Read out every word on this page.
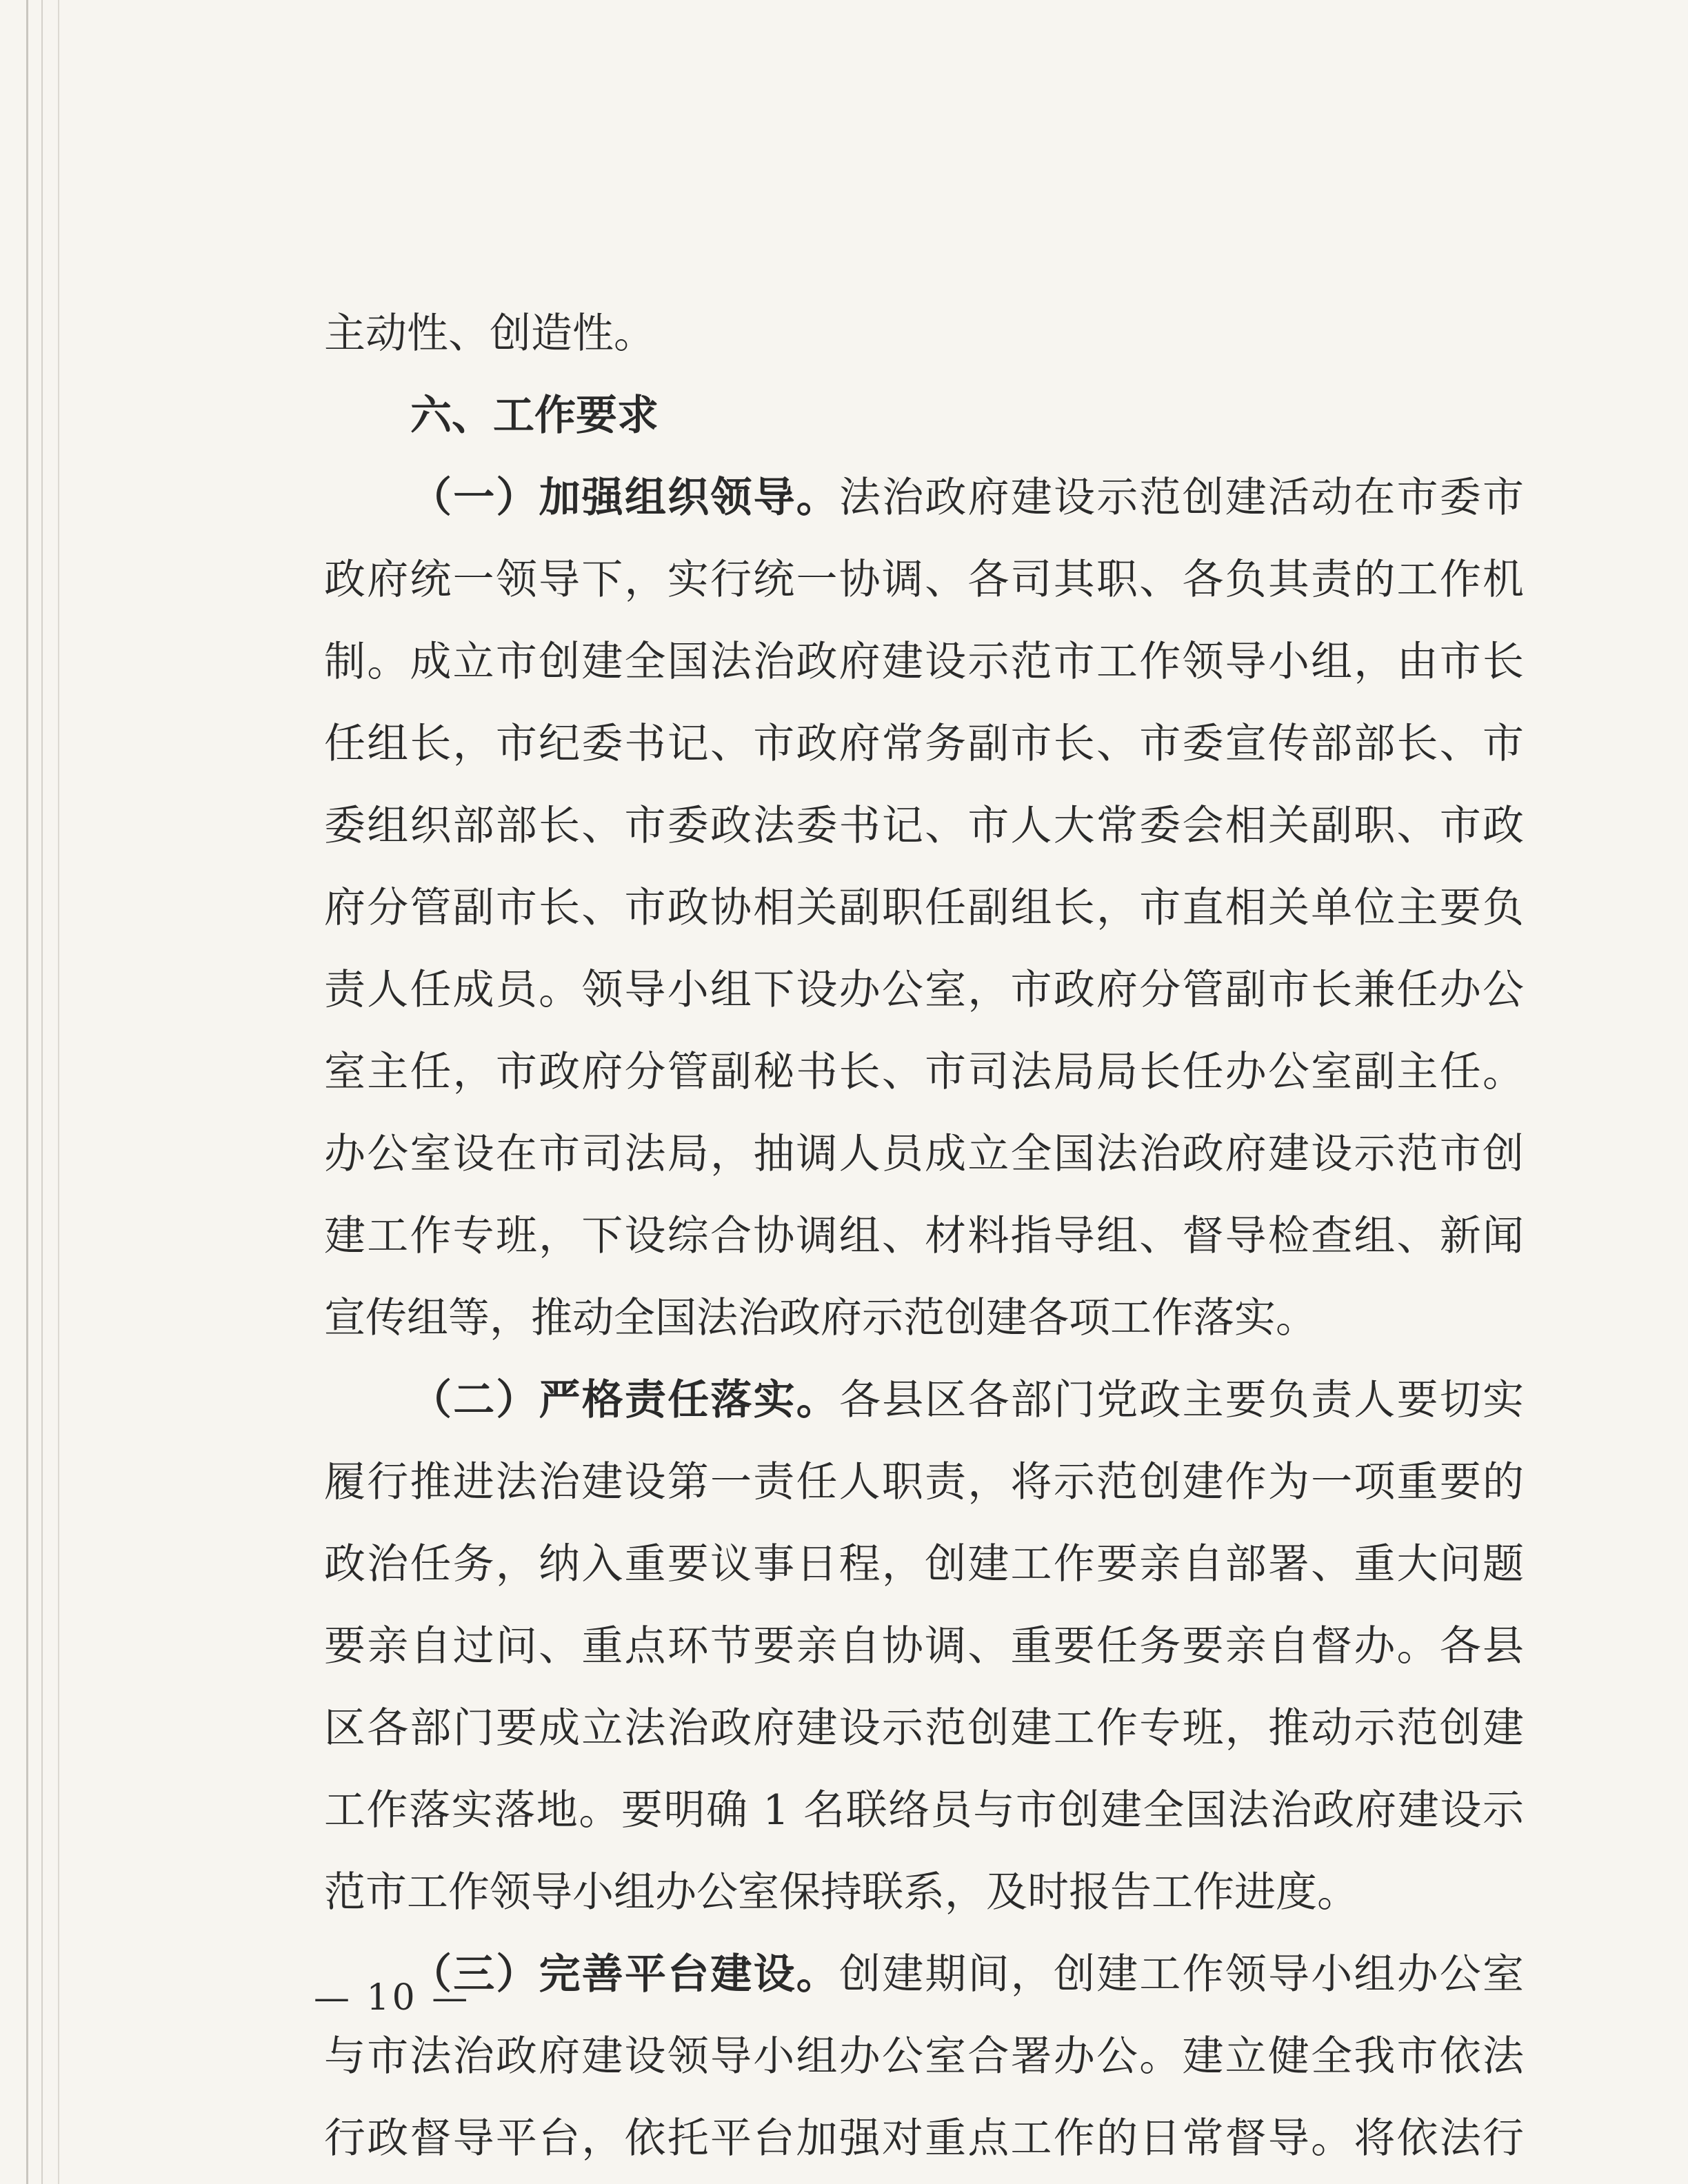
主动性、创造性。
六、工作要求
（一）加强组织领导。法治政府建设示范创建活动在市委市
政府统一领导下，实行统一协调、各司其职、各负其责的工作机
制。成立市创建全国法治政府建设示范市工作领导小组，由市长
任组长，市纪委书记、市政府常务副市长、市委宣传部部长、市
委组织部部长、市委政法委书记、市人大常委会相关副职、市政
府分管副市长、市政协相关副职任副组长，市直相关单位主要负
责人任成员。领导小组下设办公室，市政府分管副市长兼任办公
室主任，市政府分管副秘书长、市司法局局长任办公室副主任。
办公室设在市司法局，抽调人员成立全国法治政府建设示范市创
建工作专班，下设综合协调组、材料指导组、督导检查组、新闻
宣传组等，推动全国法治政府示范创建各项工作落实。
（二）严格责任落实。各县区各部门党政主要负责人要切实
履行推进法治建设第一责任人职责，将示范创建作为一项重要的
政治任务，纳入重要议事日程，创建工作要亲自部署、重大问题
要亲自过问、重点环节要亲自协调、重要任务要亲自督办。各县
区各部门要成立法治政府建设示范创建工作专班，推动示范创建
工作落实落地。要明确 1 名联络员与市创建全国法治政府建设示
范市工作领导小组办公室保持联系，及时报告工作进度。
（三）完善平台建设。创建期间，创建工作领导小组办公室
与市法治政府建设领导小组办公室合署办公。建立健全我市依法
行政督导平台，依托平台加强对重点工作的日常督导。将依法行
— 10 —
